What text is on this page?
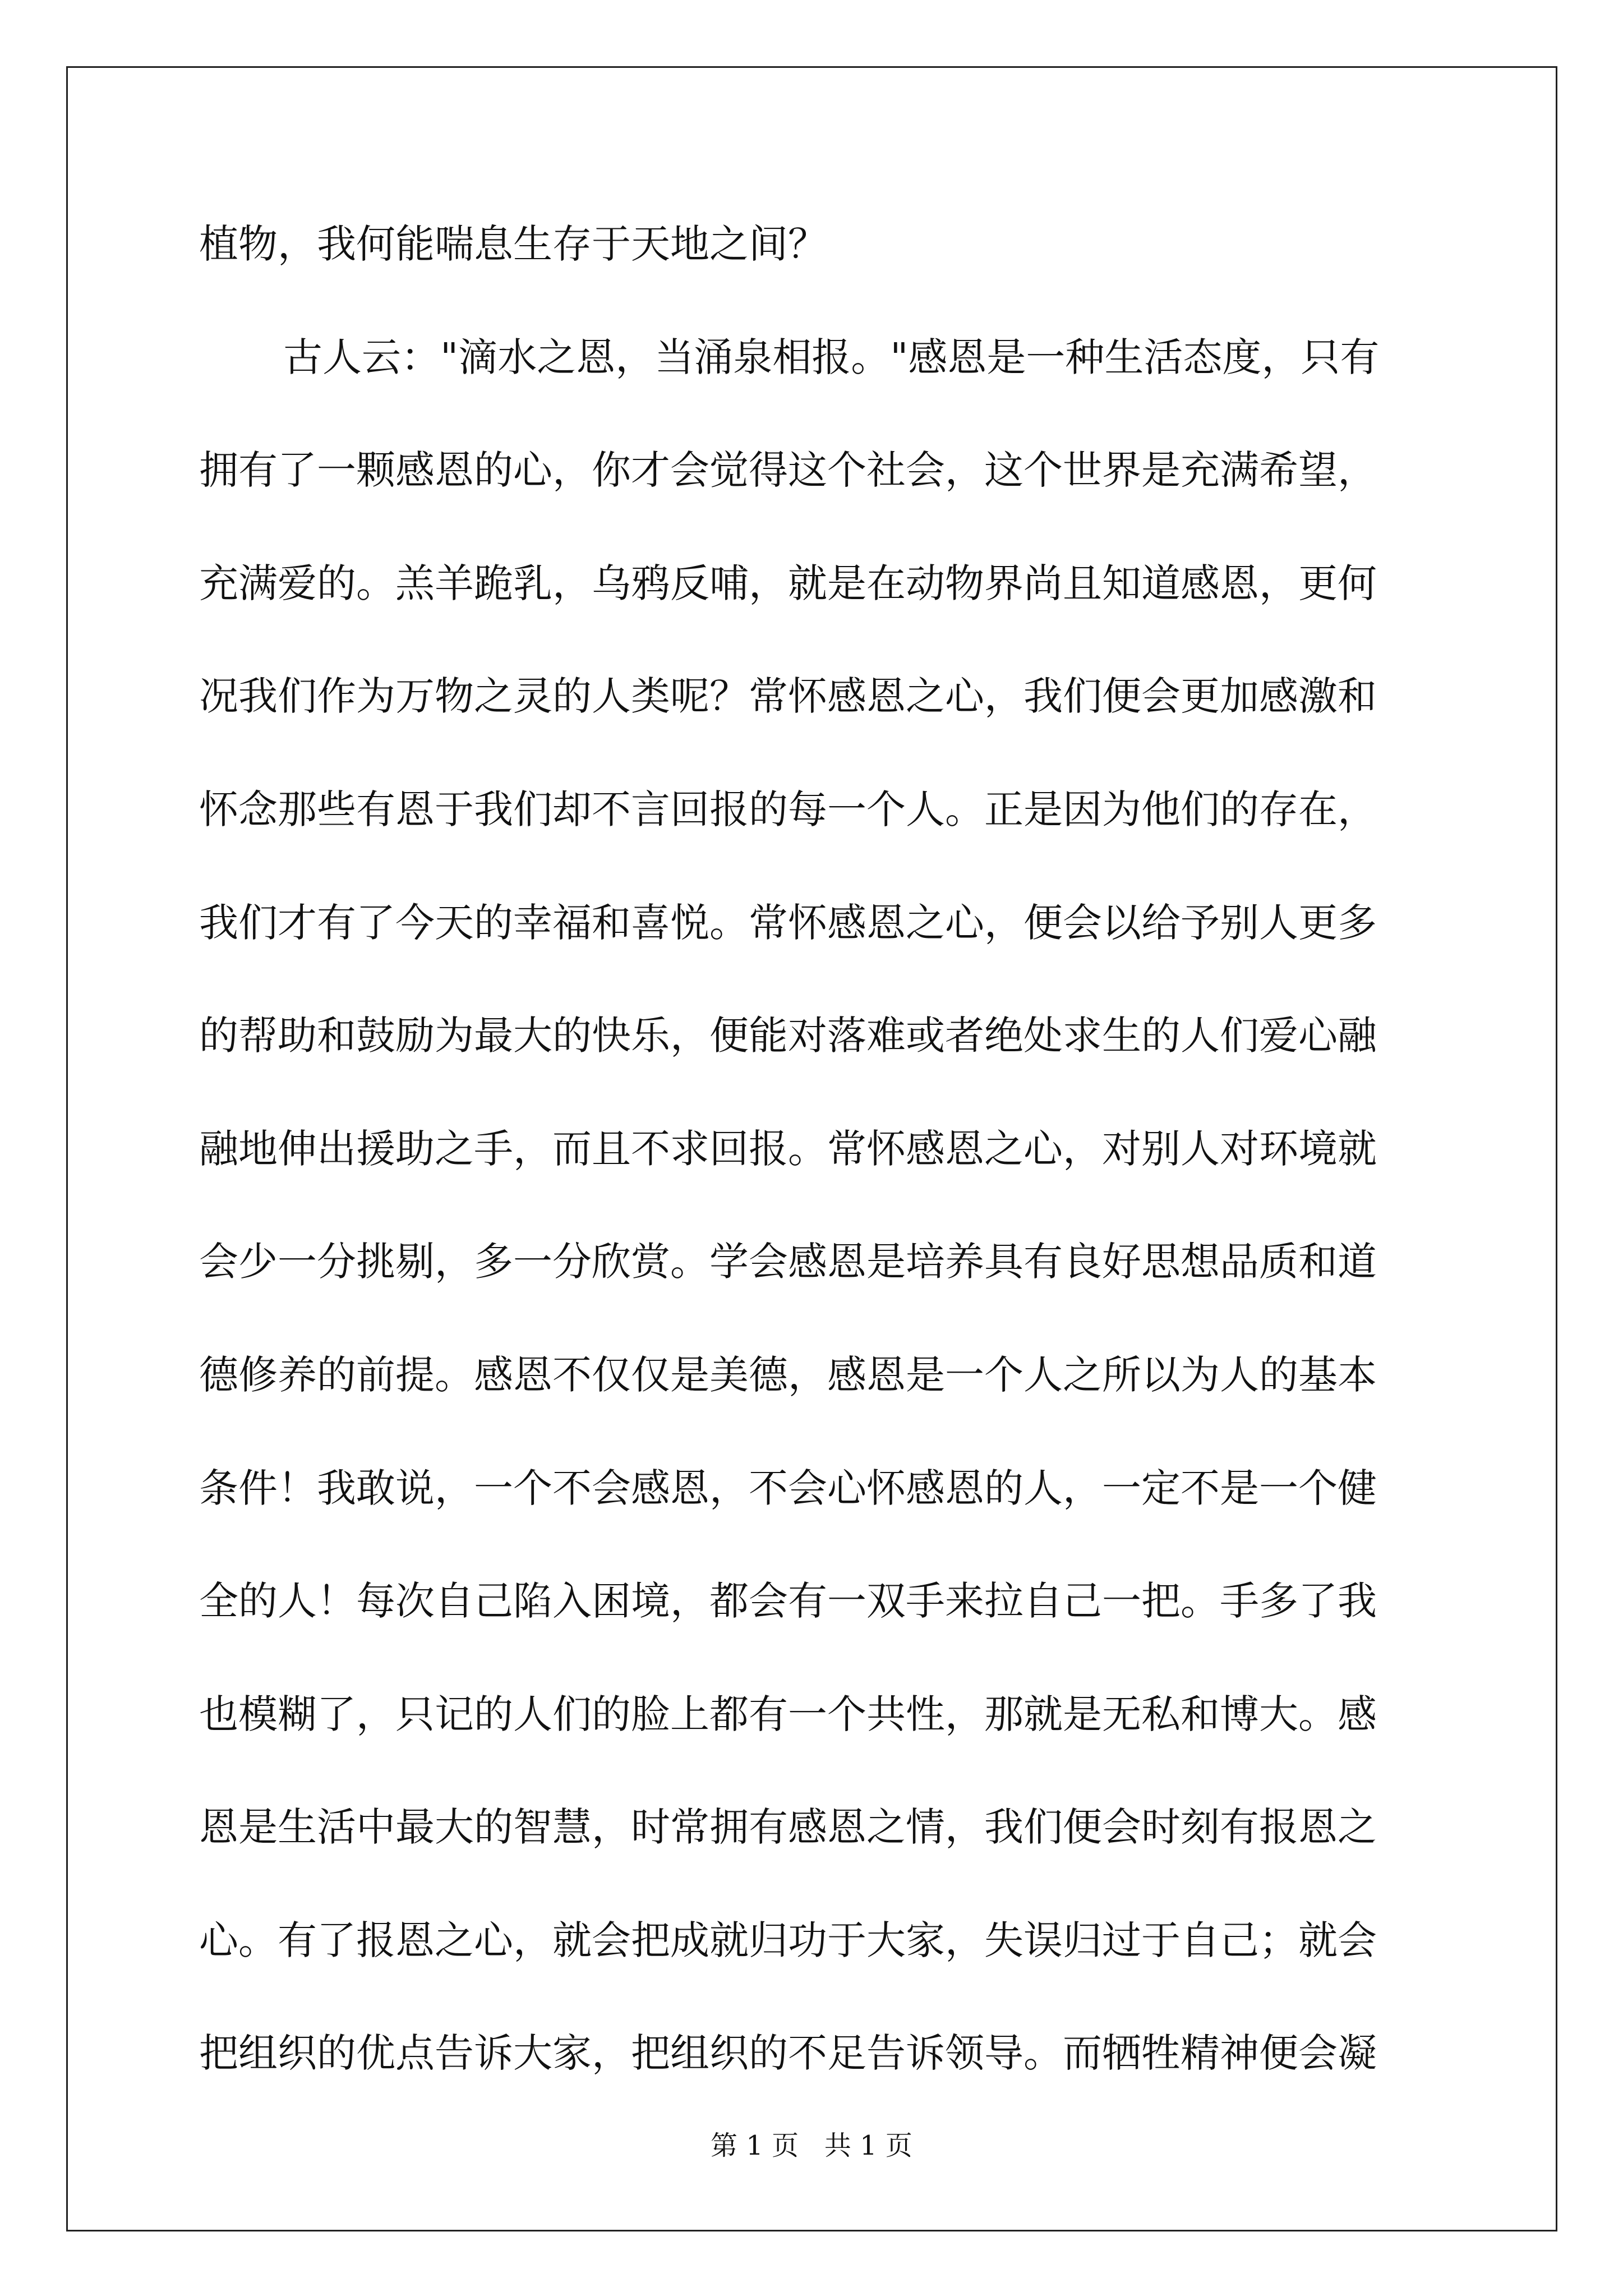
植物，我何能喘息生存于天地之间？
古人云："滴水之恩，当涌泉相报。"感恩是一种生活态度，只有
拥有了一颗感恩的心，你才会觉得这个社会，这个世界是充满希望，
充满爱的。羔羊跪乳，乌鸦反哺，就是在动物界尚且知道感恩，更何
况我们作为万物之灵的人类呢？常怀感恩之心，我们便会更加感激和
怀念那些有恩于我们却不言回报的每一个人。正是因为他们的存在，
我们才有了今天的幸福和喜悦。常怀感恩之心，便会以给予别人更多
的帮助和鼓励为最大的快乐，便能对落难或者绝处求生的人们爱心融
融地伸出援助之手，而且不求回报。常怀感恩之心，对别人对环境就
会少一分挑剔，多一分欣赏。学会感恩是培养具有良好思想品质和道
德修养的前提。感恩不仅仅是美德，感恩是一个人之所以为人的基本
条件！我敢说，一个不会感恩，不会心怀感恩的人，一定不是一个健
全的人！每次自己陷入困境，都会有一双手来拉自己一把。手多了我
也模糊了，只记的人们的脸上都有一个共性，那就是无私和博大。感
恩是生活中最大的智慧，时常拥有感恩之情，我们便会时刻有报恩之
心。有了报恩之心，就会把成就归功于大家，失误归过于自己；就会
把组织的优点告诉大家，把组织的不足告诉领导。而牺牲精神便会凝
第 1 页   共 1 页
